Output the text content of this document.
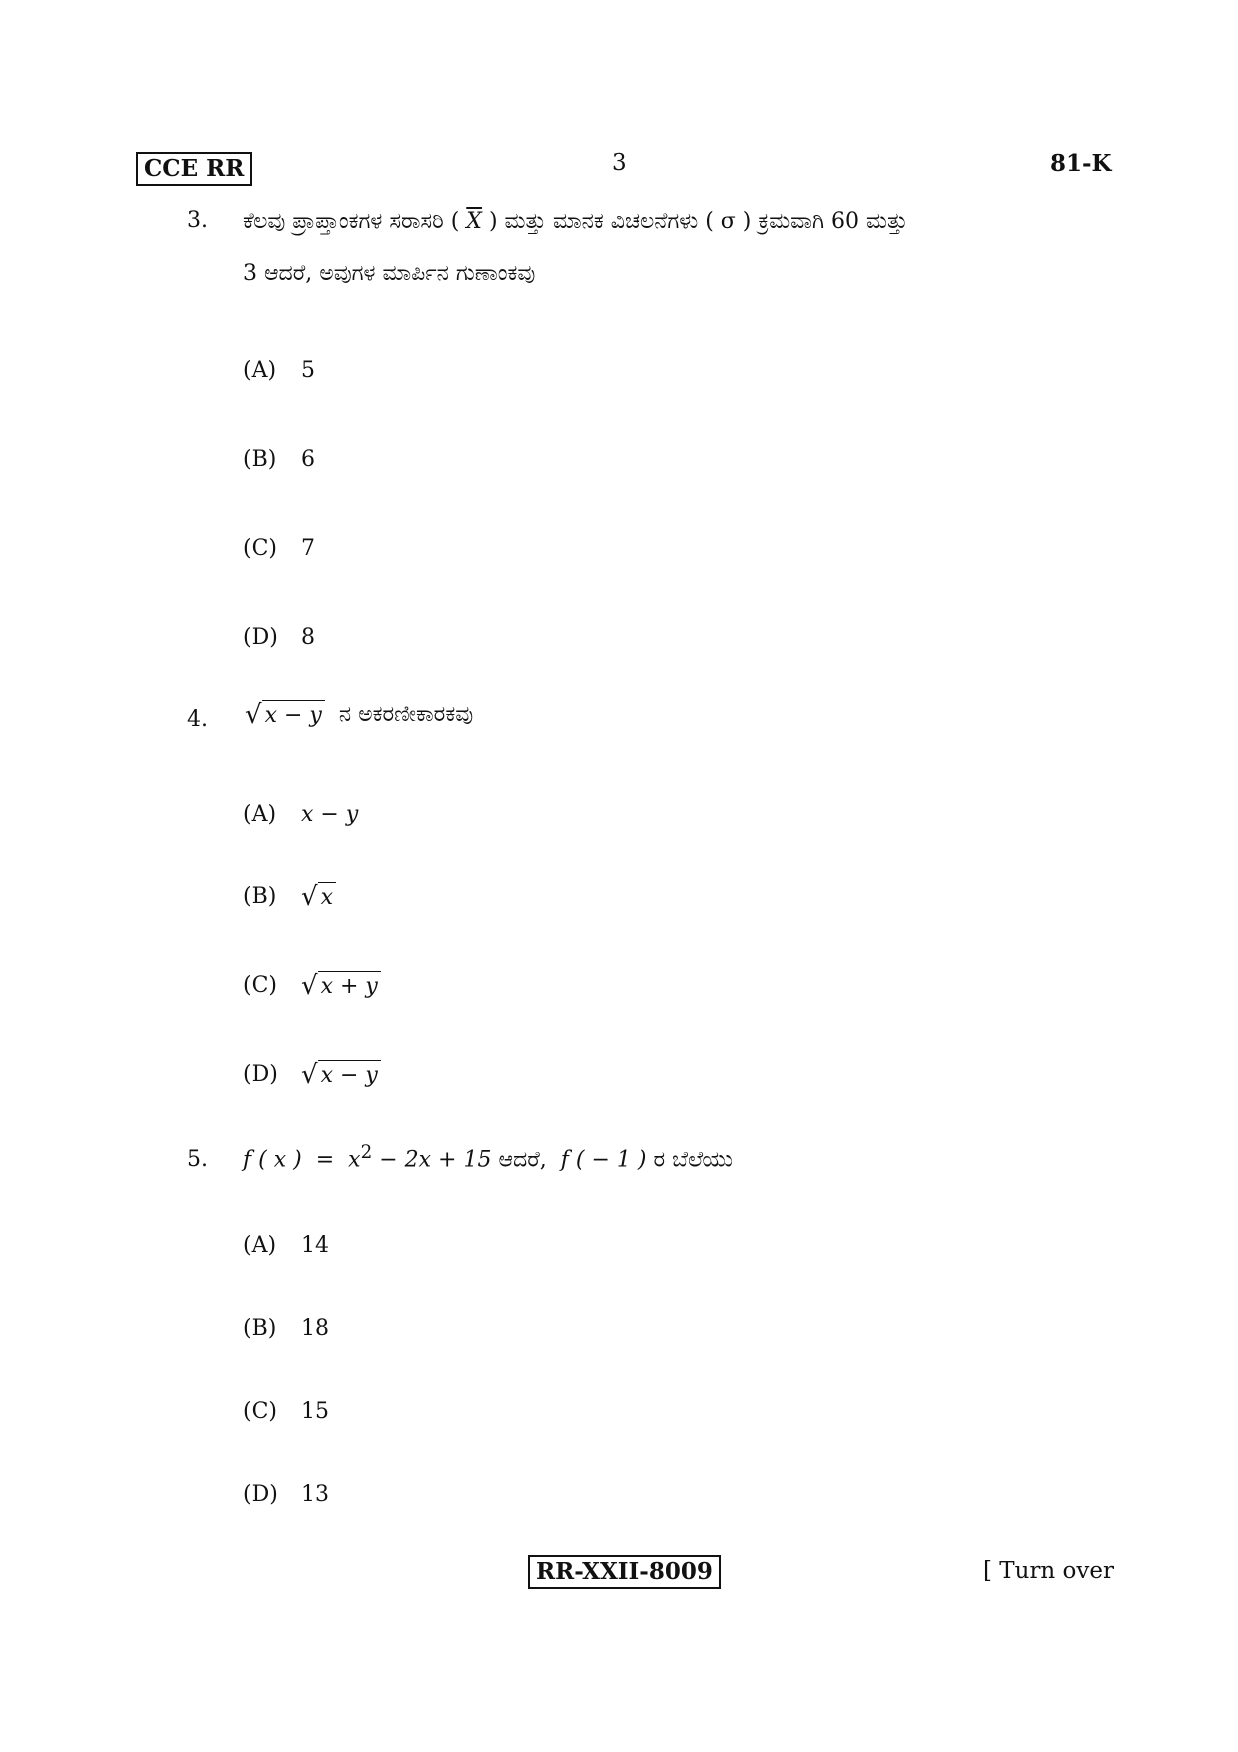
CCE RR	3	81-K
3. ಕೆಲವು ಪ್ರಾಪ್ತಾಂಕಗಳ ಸರಾಸರಿ ( $\overline{X}$ ) ಮತ್ತು ಮಾನಕ ವಿಚಲನೆಗಳು ( σ ) ಕ್ರಮವಾಗಿ 60 ಮತ್ತು
3 ಆದರೆ, ಅವುಗಳ ಮಾರ್ಪಿನ ಗುಣಾಂಕವು
(A) 5
(B) 6
(C) 7
(D) 8
4. √ x − y ನ ಅಕರಣೀಕಾರಕವು
(A) x − y
(B) √ x
(C) √ x + y
(D) √ x − y
5. f ( x ) = $x^2 - 2x + 15$ ಆದರೆ, f ( − 1 ) ರ ಬೆಲೆಯು
(A) 14
(B) 18
(C) 15
(D) 13
RR-XXII-8009	[ Turn over
